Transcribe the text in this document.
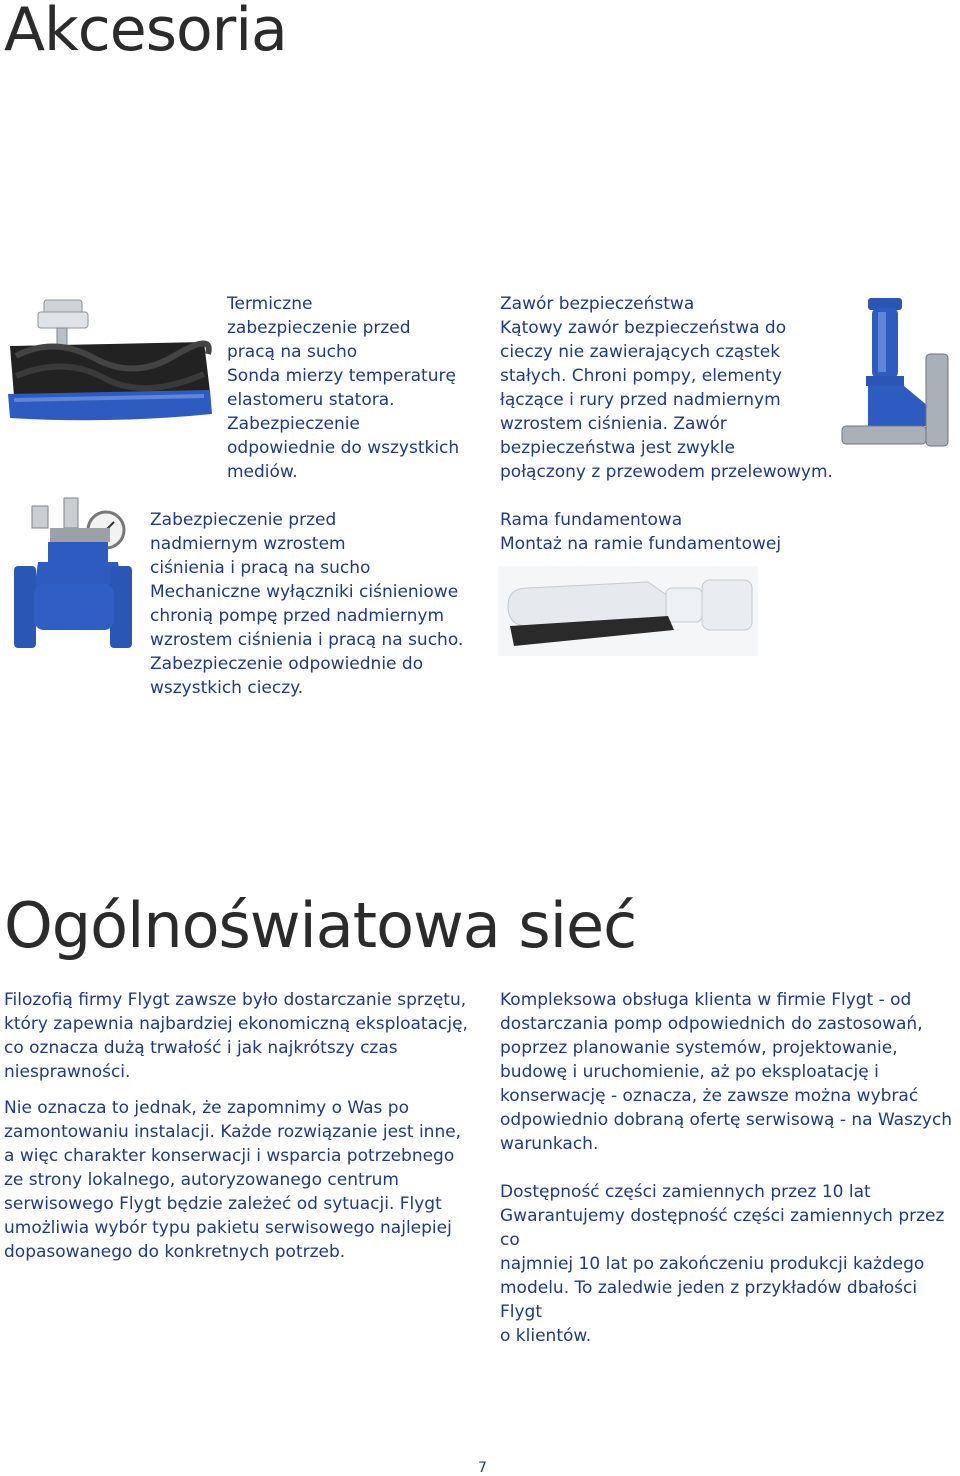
Akcesoria

Termiczne
zabezpieczenie przed
pracą na sucho
Sonda mierzy temperaturę
elastomeru statora.
Zabezpieczenie
odpowiednie do wszystkich
mediów.

Zabezpieczenie przed
nadmiernym wzrostem
ciśnienia i pracą na sucho
Mechaniczne wyłączniki ciśnieniowe
chronią pompę przed nadmiernym
wzrostem ciśnienia i pracą na sucho.
Zabezpieczenie odpowiednie do
wszystkich cieczy.

Zawór bezpieczeństwa
Kątowy zawór bezpieczeństwa do
cieczy nie zawierających cząstek
stałych. Chroni pompy, elementy
łączące i rury przed nadmiernym
wzrostem ciśnienia. Zawór
bezpieczeństwa jest zwykle
połączony z przewodem przelewowym.

Rama fundamentowa
Montaż na ramie fundamentowej

Ogólnoświatowa sieć

Filozofią firmy Flygt zawsze było dostarczanie sprzętu,
który zapewnia najbardziej ekonomiczną eksploatację,
co oznacza dużą trwałość i jak najkrótszy czas
niesprawności.

Nie oznacza to jednak, że zapomnimy o Was po
zamontowaniu instalacji. Każde rozwiązanie jest inne,
a więc charakter konserwacji i wsparcia potrzebnego
ze strony lokalnego, autoryzowanego centrum
serwisowego Flygt będzie zależeć od sytuacji. Flygt
umożliwia wybór typu pakietu serwisowego najlepiej
dopasowanego do konkretnych potrzeb.

Kompleksowa obsługa klienta w firmie Flygt - od
dostarczania pomp odpowiednich do zastosowań,
poprzez planowanie systemów, projektowanie,
budowę i uruchomienie, aż po eksploatację i
konserwację - oznacza, że zawsze można wybrać
odpowiednio dobraną ofertę serwisową - na Waszych
warunkach.

Dostępność części zamiennych przez 10 lat
Gwarantujemy dostępność części zamiennych przez co
najmniej 10 lat po zakończeniu produkcji każdego
modelu. To zaledwie jeden z przykładów dbałości Flygt
o klientów.

7
